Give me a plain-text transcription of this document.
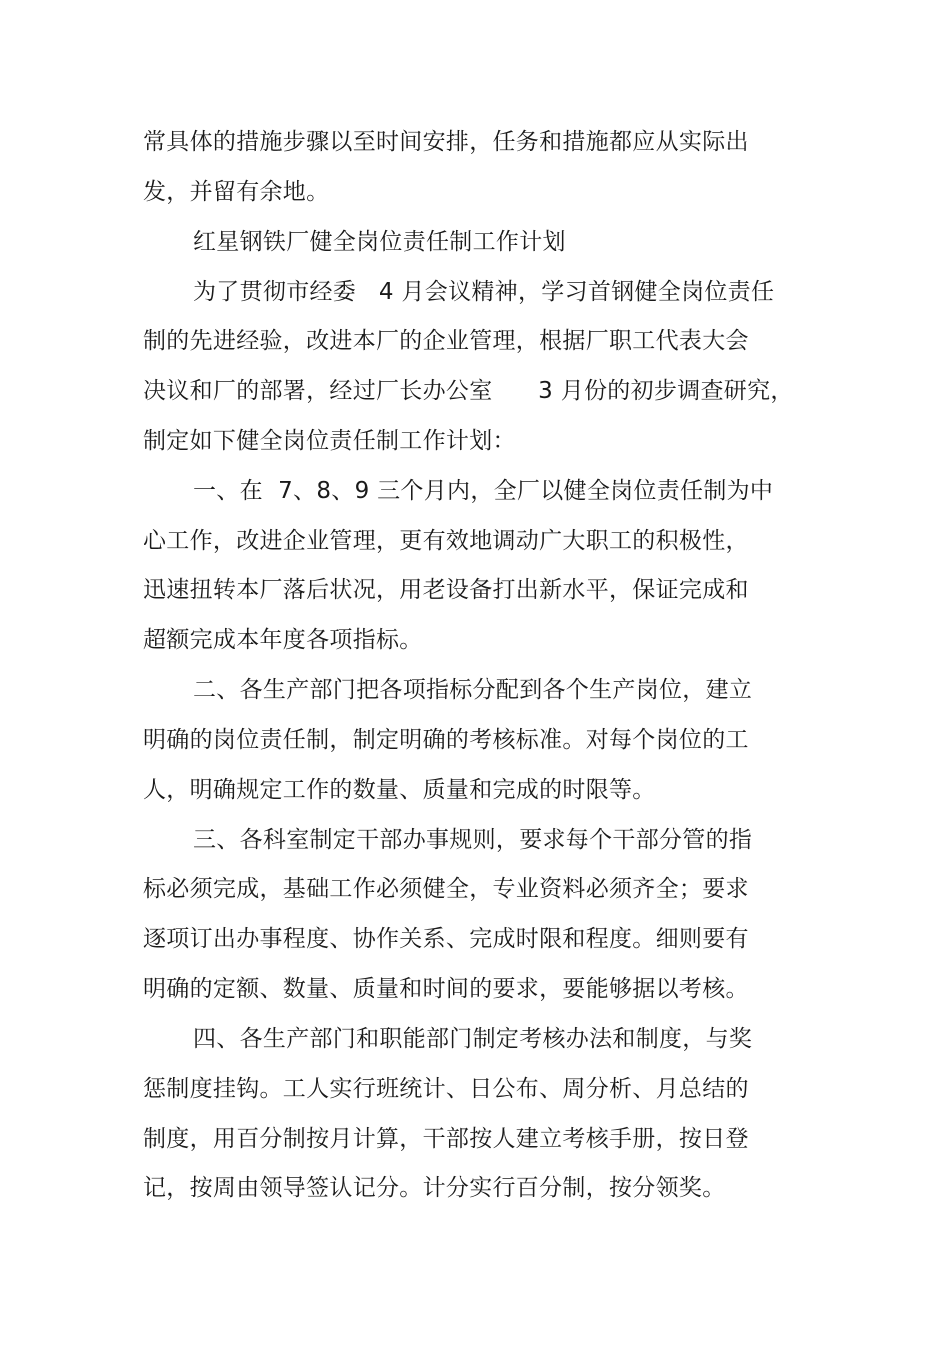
常具体的措施步骤以至时间安排，任务和措施都应从实际出
发，并留有余地。
红星钢铁厂健全岗位责任制工作计划
为了贯彻市经委   4 月会议精神，学习首钢健全岗位责任
制的先进经验，改进本厂的企业管理，根据厂职工代表大会
决议和厂的部署，经过厂长办公室      3 月份的初步调查研究，
制定如下健全岗位责任制工作计划：
一、在  7、8、9 三个月内，全厂以健全岗位责任制为中
心工作，改进企业管理，更有效地调动广大职工的积极性，
迅速扭转本厂落后状况，用老设备打出新水平，保证完成和
超额完成本年度各项指标。
二、各生产部门把各项指标分配到各个生产岗位，建立
明确的岗位责任制，制定明确的考核标准。对每个岗位的工
人，明确规定工作的数量、质量和完成的时限等。
三、各科室制定干部办事规则，要求每个干部分管的指
标必须完成，基础工作必须健全，专业资料必须齐全；要求
逐项订出办事程度、协作关系、完成时限和程度。细则要有
明确的定额、数量、质量和时间的要求，要能够据以考核。
四、各生产部门和职能部门制定考核办法和制度，与奖
惩制度挂钩。工人实行班统计、日公布、周分析、月总结的
制度，用百分制按月计算，干部按人建立考核手册，按日登
记，按周由领导签认记分。计分实行百分制，按分领奖。
